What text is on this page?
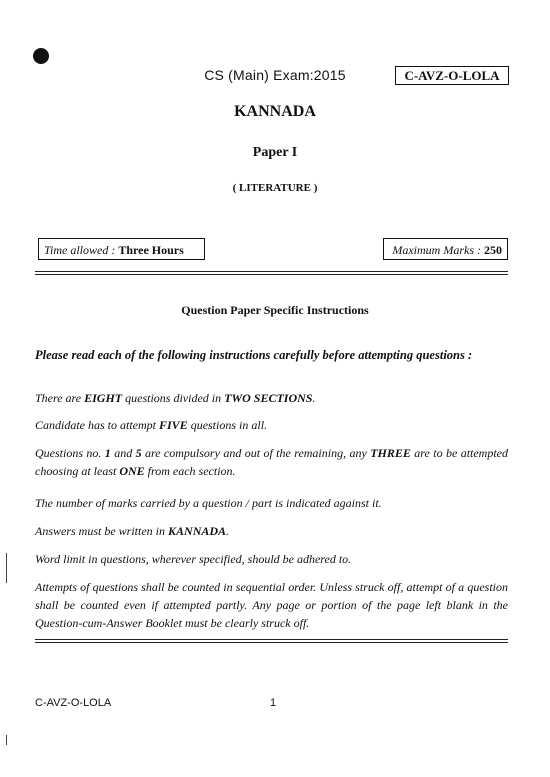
CS (Main) Exam:2015	C-AVZ-O-LOLA
KANNADA
Paper I
( LITERATURE )
Time allowed : Three Hours	Maximum Marks : 250
Question Paper Specific Instructions
Please read each of the following instructions carefully before attempting questions :
There are EIGHT questions divided in TWO SECTIONS.
Candidate has to attempt FIVE questions in all.
Questions no. 1 and 5 are compulsory and out of the remaining, any THREE are to be attempted choosing at least ONE from each section.
The number of marks carried by a question / part is indicated against it.
Answers must be written in KANNADA.
Word limit in questions, wherever specified, should be adhered to.
Attempts of questions shall be counted in sequential order. Unless struck off, attempt of a question shall be counted even if attempted partly. Any page or portion of the page left blank in the Question-cum-Answer Booklet must be clearly struck off.
C-AVZ-O-LOLA	1
